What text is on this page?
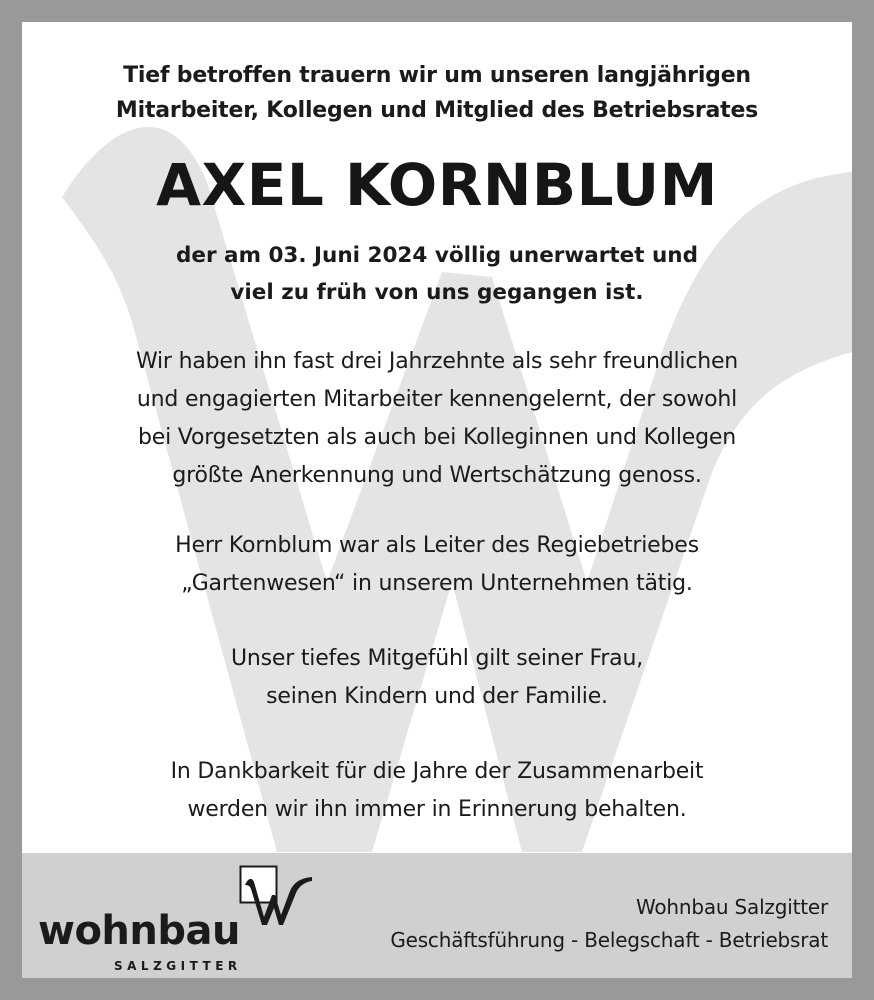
Tief betroffen trauern wir um unseren langjährigen
Mitarbeiter, Kollegen und Mitglied des Betriebsrates
AXEL KORNBLUM
der am 03. Juni 2024 völlig unerwartet und
viel zu früh von uns gegangen ist.
Wir haben ihn fast drei Jahrzehnte als sehr freundlichen
und engagierten Mitarbeiter kennengelernt, der sowohl
bei Vorgesetzten als auch bei Kolleginnen und Kollegen
größte Anerkennung und Wertschätzung genoss.
Herr Kornblum war als Leiter des Regiebetriebes
„Gartenwesen“ in unserem Unternehmen tätig.
Unser tiefes Mitgefühl gilt seiner Frau,
seinen Kindern und der Familie.
In Dankbarkeit für die Jahre der Zusammenarbeit
werden wir ihn immer in Erinnerung behalten.
wohnbau
SALZGITTER
Wohnbau Salzgitter
Geschäftsführung - Belegschaft - Betriebsrat
